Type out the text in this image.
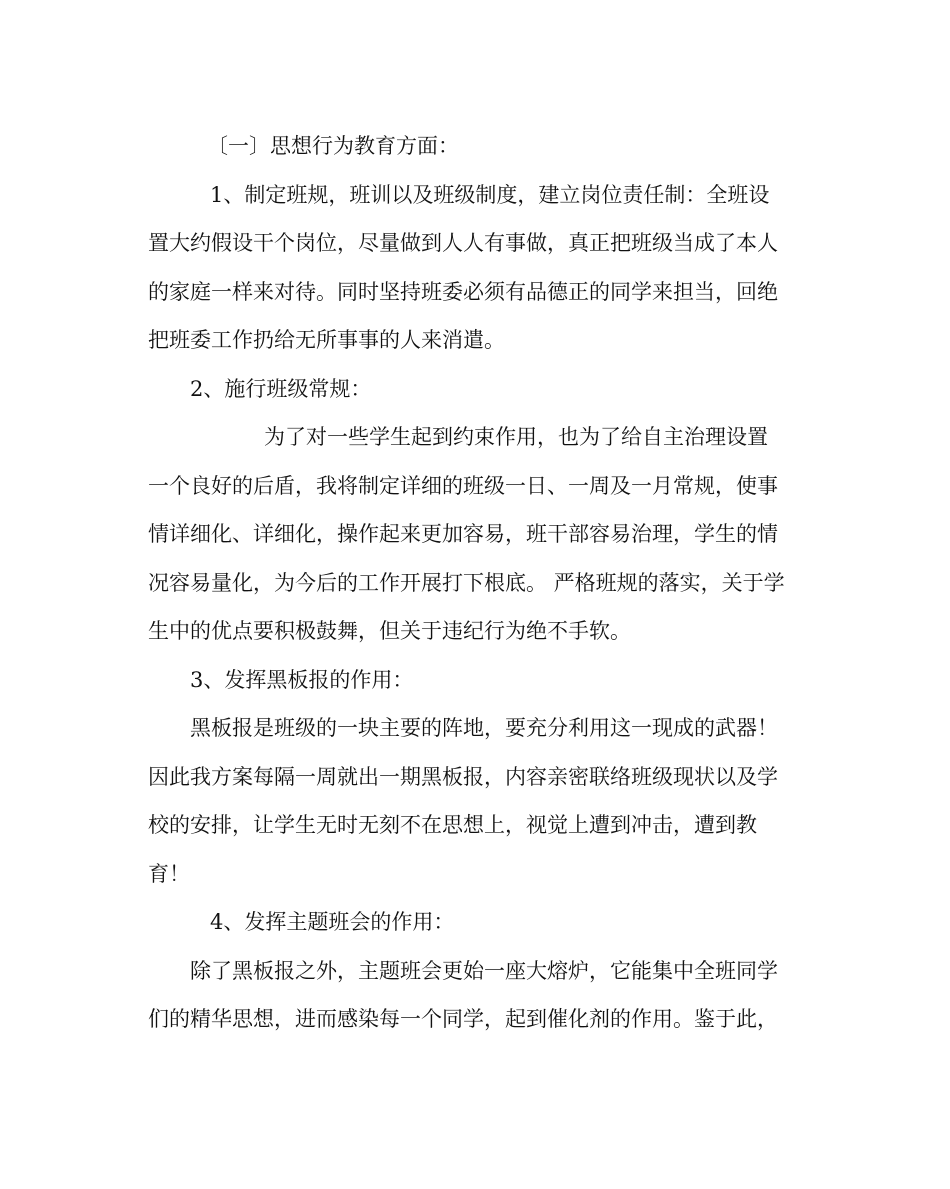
〔一〕思想行为教育方面：

1、制定班规，班训以及班级制度，建立岗位责任制：全班设

置大约假设干个岗位，尽量做到人人有事做，真正把班级当成了本人

的家庭一样来对待。同时坚持班委必须有品德正的同学来担当，回绝

把班委工作扔给无所事事的人来消遣。

2、施行班级常规：

为了对一些学生起到约束作用，也为了给自主治理设置

一个良好的后盾，我将制定详细的班级一日、一周及一月常规，使事

情详细化、详细化，操作起来更加容易，班干部容易治理，学生的情

况容易量化，为今后的工作开展打下根底。 严格班规的落实，关于学

生中的优点要积极鼓舞，但关于违纪行为绝不手软。

3、发挥黑板报的作用：

黑板报是班级的一块主要的阵地，要充分利用这一现成的武器！

因此我方案每隔一周就出一期黑板报，内容亲密联络班级现状以及学

校的安排，让学生无时无刻不在思想上，视觉上遭到冲击，遭到教

育！

4、发挥主题班会的作用：

除了黑板报之外，主题班会更始一座大熔炉，它能集中全班同学

们的精华思想，进而感染每一个同学，起到催化剂的作用。鉴于此，
